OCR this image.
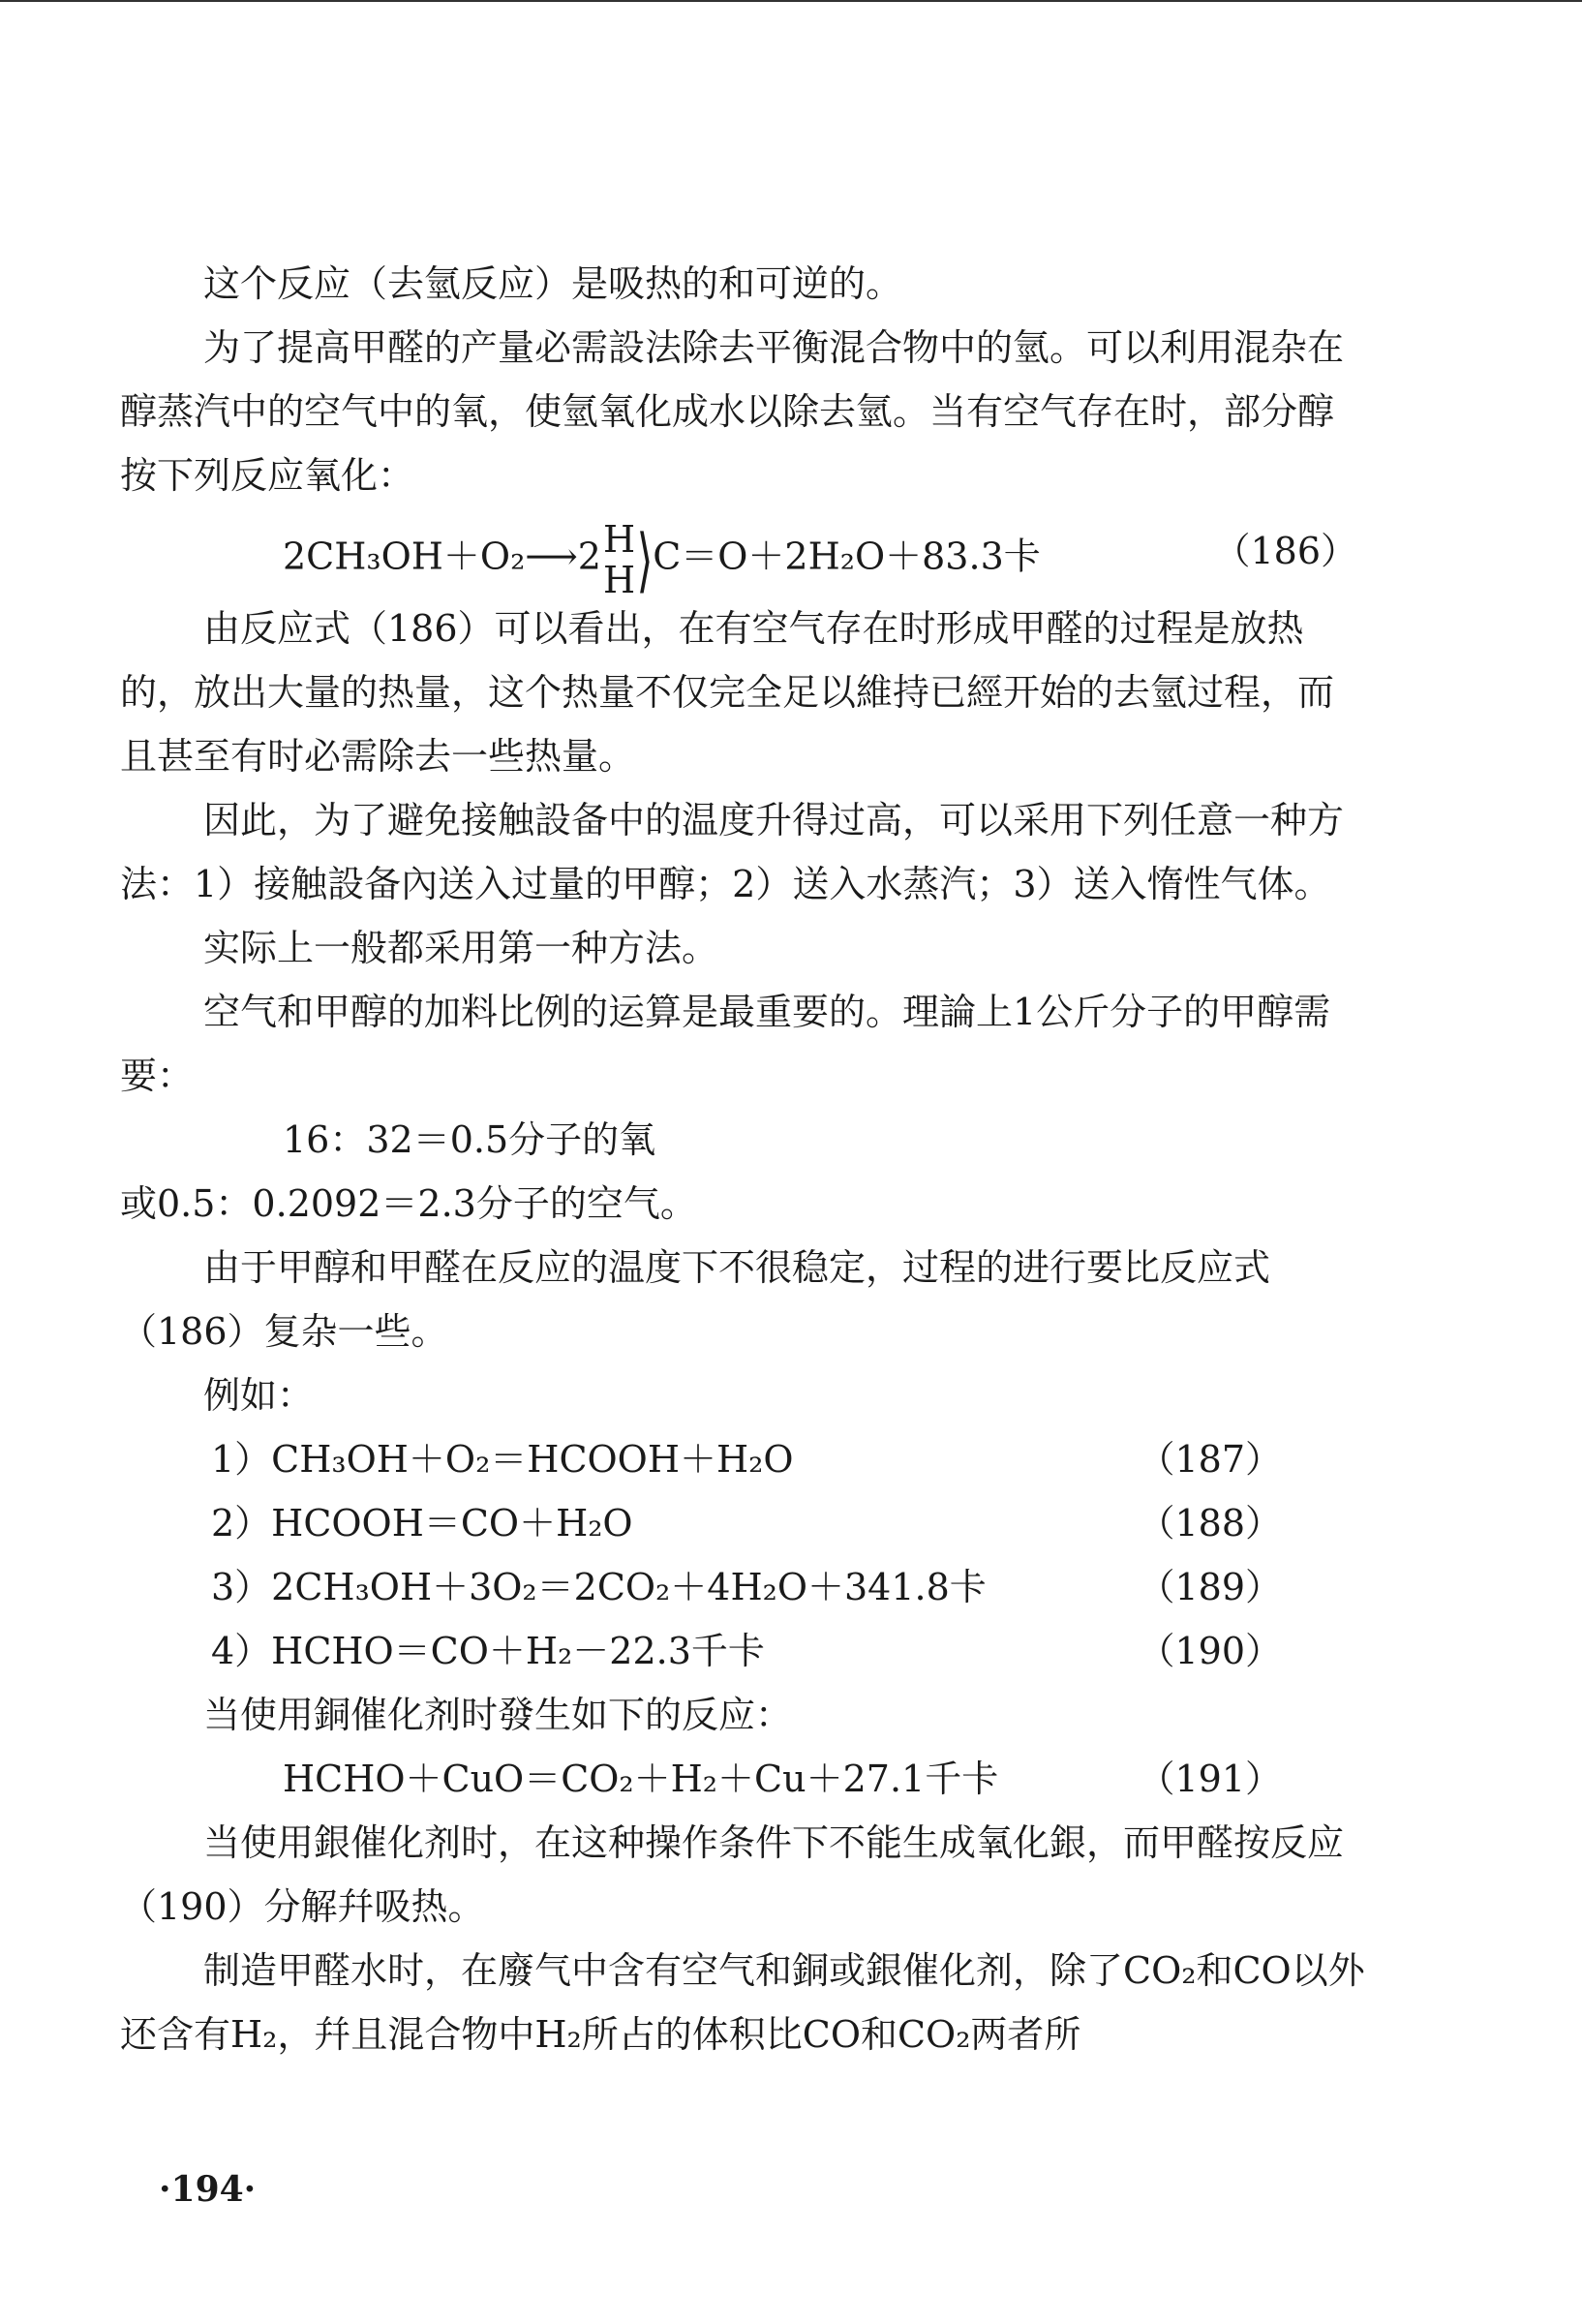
这个反应（去氫反应）是吸热的和可逆的。

为了提高甲醛的产量必需設法除去平衡混合物中的氫。可以利用混杂在醇蒸汽中的空气中的氧，使氫氧化成水以除去氫。当有空气存在时，部分醇按下列反应氧化：

2CH₃OH＋O₂⟶2 H
H ⟩C＝O＋2H₂O＋83.3卡	（186）

由反应式（186）可以看出，在有空气存在时形成甲醛的过程是放热的，放出大量的热量，这个热量不仅完全足以維持已經开始的去氫过程，而且甚至有时必需除去一些热量。

因此，为了避免接触設备中的温度升得过高，可以采用下列任意一种方法：1）接触設备內送入过量的甲醇；2）送入水蒸汽；3）送入惰性气体。

实际上一般都采用第一种方法。

空气和甲醇的加料比例的运算是最重要的。理論上1公斤分子的甲醇需要：

16：32＝0.5分子的氧

或0.5：0.2092＝2.3分子的空气。

由于甲醇和甲醛在反应的温度下不很稳定，过程的进行要比反应式（186）复杂一些。

例如：

1）CH₃OH＋O₂＝HCOOH＋H₂O	（187）
2）HCOOH＝CO＋H₂O	（188）
3）2CH₃OH＋3O₂＝2CO₂＋4H₂O＋341.8卡	（189）
4）HCHO＝CO＋H₂－22.3千卡	（190）

当使用銅催化剂时發生如下的反应：

HCHO＋CuO＝CO₂＋H₂＋Cu＋27.1千卡	（191）

当使用銀催化剂时，在这种操作条件下不能生成氧化銀，而甲醛按反应（190）分解幷吸热。

制造甲醛水时，在廢气中含有空气和銅或銀催化剂，除了CO₂和CO以外还含有H₂，幷且混合物中H₂所占的体积比CO和CO₂两者所

·194·
